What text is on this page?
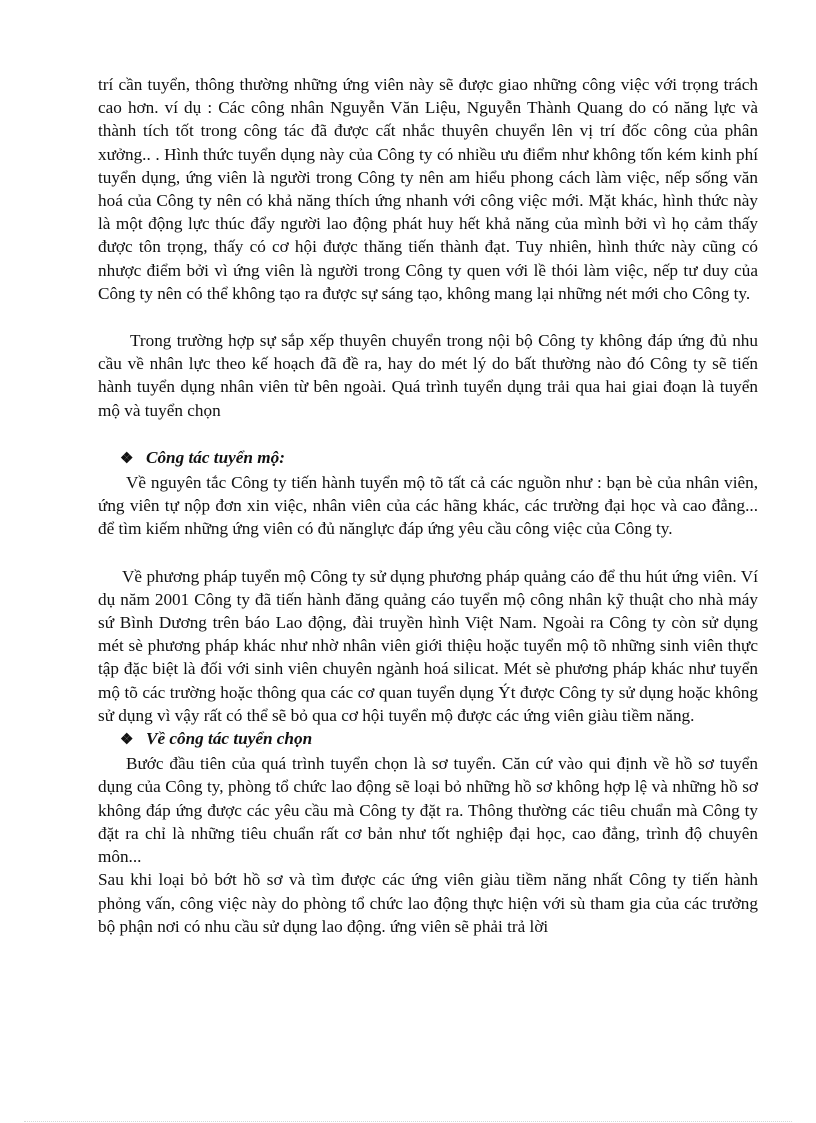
trí cần tuyển, thông thường những ứng viên này sẽ được giao những công việc với trọng trách cao hơn. ví dụ : Các công nhân Nguyễn Văn Liệu, Nguyễn Thành Quang do có năng lực và thành tích tốt trong công tác đã được cất nhắc thuyên chuyển lên vị trí đốc công của phân xưởng.. . Hình thức tuyển dụng này của Công ty có nhiều ưu điểm như không tốn kém kinh phí tuyển dụng, ứng viên là người trong Công ty nên am hiểu phong cách làm việc, nếp sống văn hoá của Công ty nên có khả năng thích ứng nhanh với công việc mới. Mặt khác, hình thức này là một động lực thúc đẩy người lao động phát huy hết khả năng của mình bởi vì họ cảm thấy được tôn trọng, thấy có cơ hội được thăng tiến thành đạt. Tuy nhiên, hình thức này cũng có nhược điểm bởi vì ứng viên là người trong Công ty quen với lề thói làm việc, nếp tư duy của Công ty nên có thể không tạo ra được sự sáng tạo, không mang lại những nét mới cho Công ty.

Trong trường hợp sự sắp xếp thuyên chuyển trong nội bộ Công ty không đáp ứng đủ nhu cầu về nhân lực theo kế hoạch đã đề ra, hay do mét lý do bất thường nào đó Công ty sẽ tiến hành tuyển dụng nhân viên từ bên ngoài. Quá trình tuyển dụng trải qua hai giai đoạn là tuyển mộ và tuyển chọn

❖ Công tác tuyển mộ:

Về nguyên tắc Công ty tiến hành tuyển mộ tõ tất cả các nguồn như : bạn bè của nhân viên, ứng viên tự nộp đơn xin việc, nhân viên của các hãng khác, các trường đại học và cao đẳng... để tìm kiếm những ứng viên có đủ nănglực đáp ứng yêu cầu công việc của Công ty.

Về phương pháp tuyển mộ Công ty sử dụng phương pháp quảng cáo để thu hút ứng viên. Ví dụ năm 2001 Công ty đã tiến hành đăng quảng cáo tuyển mộ công nhân kỹ thuật cho nhà máy sứ Bình Dương trên báo Lao động, đài truyền hình Việt Nam. Ngoài ra Công ty còn sử dụng mét sè phương pháp khác như nhờ nhân viên giới thiệu hoặc tuyển mộ tõ những sinh viên thực tập đặc biệt là đối với sinh viên chuyên ngành hoá silicat. Mét sè phương pháp khác như tuyển mộ tõ các trường hoặc thông qua các cơ quan tuyển dụng Ýt được Công ty sử dụng hoặc không sử dụng vì vậy rất có thể sẽ bỏ qua cơ hội tuyển mộ được các ứng viên giàu tiềm năng.

❖ Về công tác tuyển chọn

Bước đầu tiên của quá trình tuyển chọn là sơ tuyển. Căn cứ vào qui định về hồ sơ tuyển dụng của Công ty, phòng tổ chức lao động sẽ loại bỏ những hồ sơ không hợp lệ và những hồ sơ không đáp ứng được các yêu cầu mà Công ty đặt ra. Thông thường các tiêu chuẩn mà Công ty đặt ra chỉ là những tiêu chuẩn rất cơ bản như tốt nghiệp đại học, cao đẳng, trình độ chuyên môn...

Sau khi loại bỏ bớt hồ sơ và tìm được các ứng viên giàu tiềm năng nhất Công ty tiến hành phỏng vấn, công việc này do phòng tổ chức lao động thực hiện với sù tham gia của các trưởng bộ phận nơi có nhu cầu sử dụng lao động. ứng viên sẽ phải trả lời
